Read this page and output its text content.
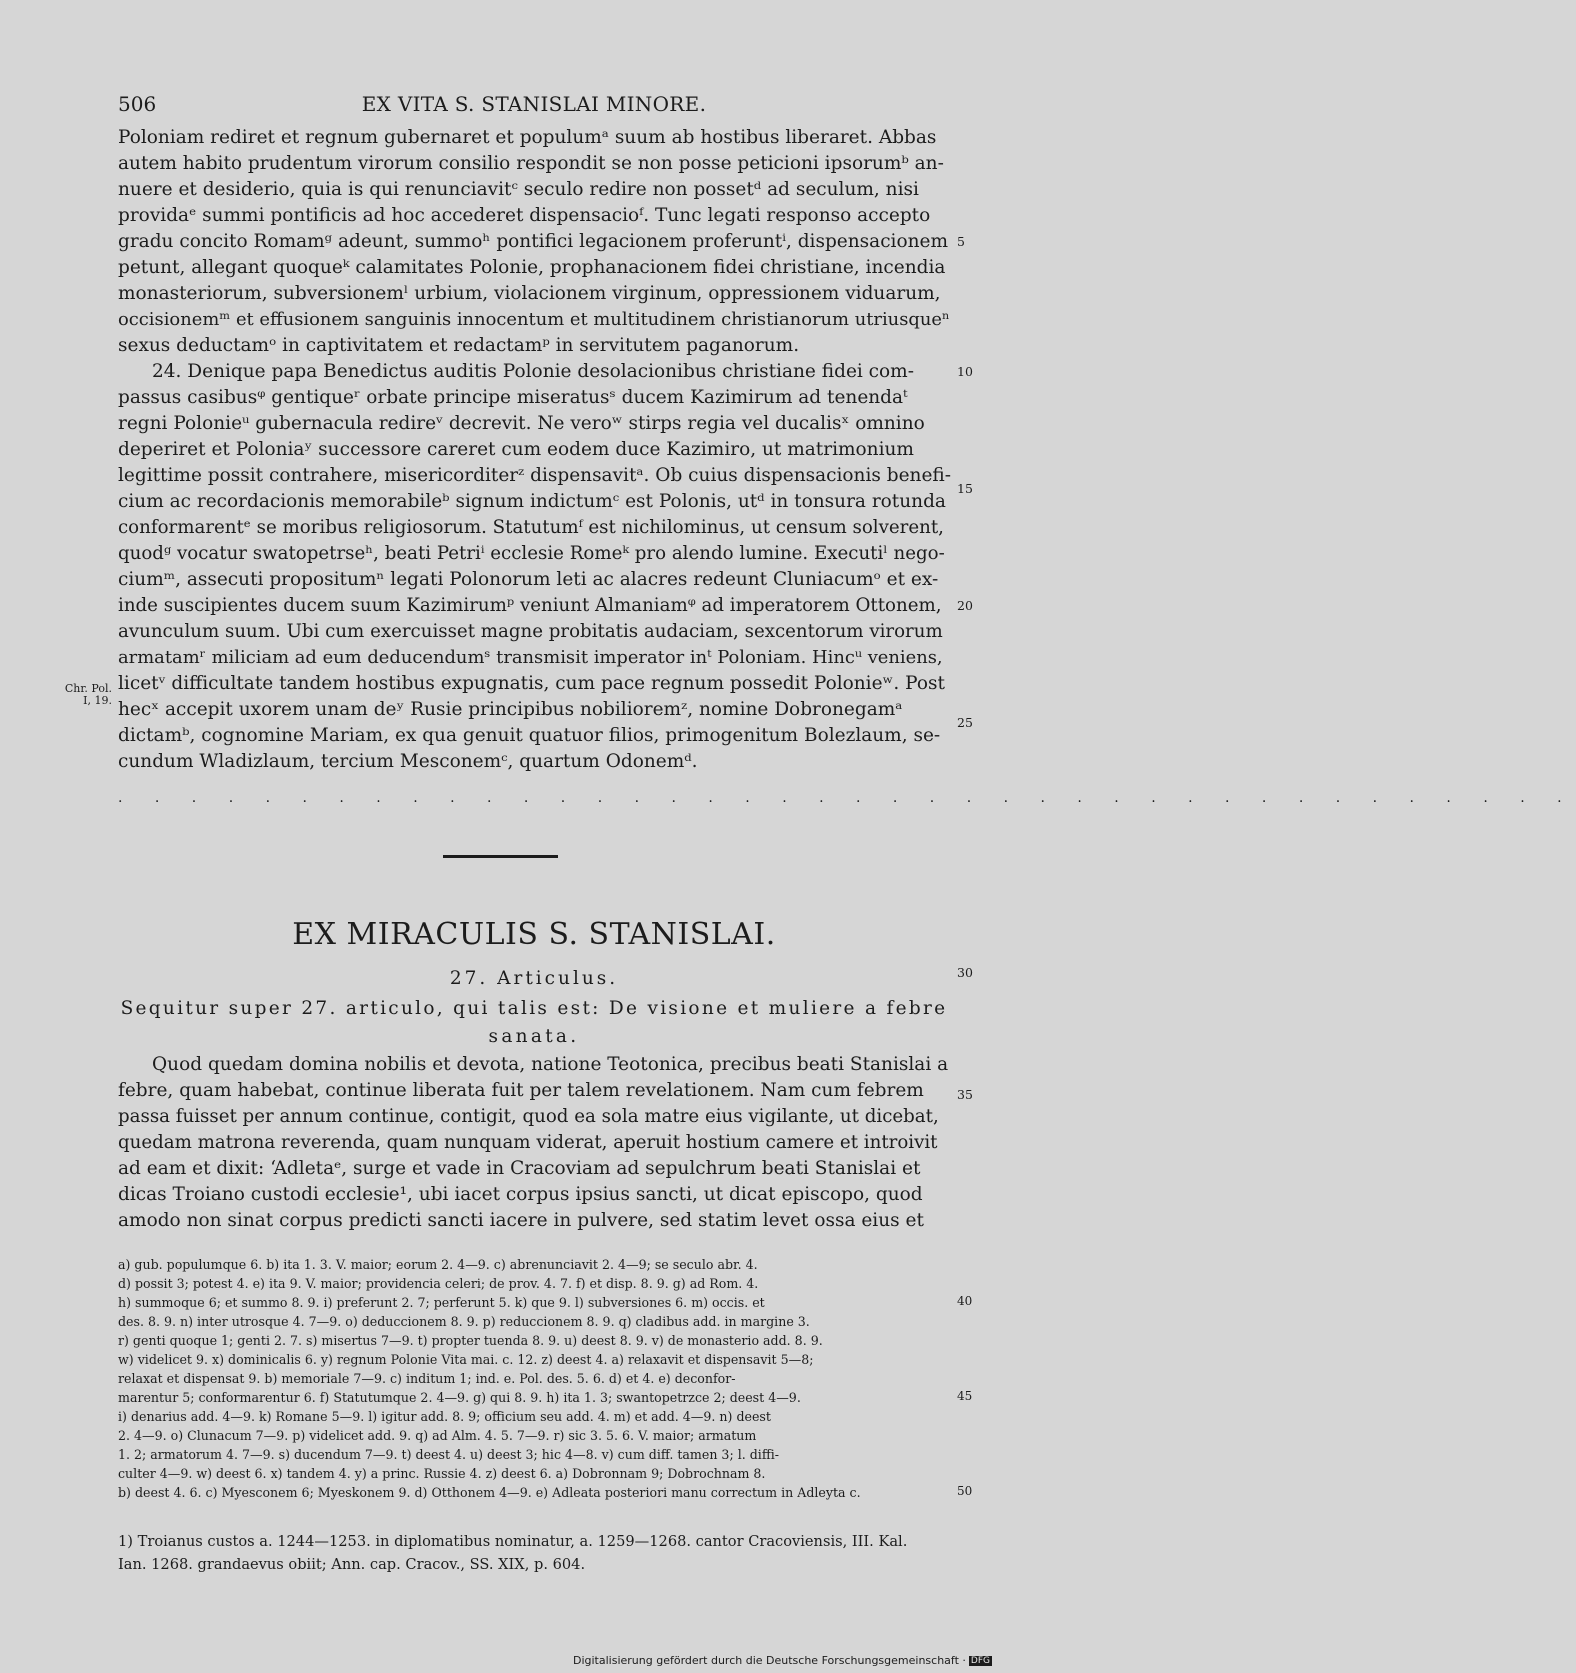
506	EX VITA S. STANISLAI MINORE.
Poloniam rediret et regnum gubernaret et populumᵃ suum ab hostibus liberaret. Abbas
autem habito prudentum virorum consilio respondit se non posse peticioni ipsorumᵇ an-
nuere et desiderio, quia is qui renunciavitᶜ seculo redire non possetᵈ ad seculum, nisi
providaᵉ summi pontificis ad hoc accederet dispensacioᶠ. Tunc legati responso accepto
gradu concito Romamᵍ adeunt, summoʰ pontifici legacionem proferuntⁱ, dispensacionem
petunt, allegant quoqueᵏ calamitates Polonie, prophanacionem fidei christiane, incendia
monasteriorum, subversionemˡ urbium, violacionem virginum, oppressionem viduarum,
occisionemᵐ et effusionem sanguinis innocentum et multitudinem christianorum utriusqueⁿ
sexus deductamᵒ in captivitatem et redactamᵖ in servitutem paganorum.
24. Denique papa Benedictus auditis Polonie desolacionibus christiane fidei com-
passus casibusᵠ gentiqueʳ orbate principe miseratusˢ ducem Kazimirum ad tenendaᵗ
regni Polonieᵘ gubernacula redireᵛ decrevit. Ne veroʷ stirps regia vel ducalisˣ omnino
deperiret et Poloniaʸ successore careret cum eodem duce Kazimiro, ut matrimonium
legittime possit contrahere, misericorditerᶻ dispensavitᵃ. Ob cuius dispensacionis benefi-
cium ac recordacionis memorabileᵇ signum indictumᶜ est Polonis, utᵈ in tonsura rotunda
conformarentᵉ se moribus religiosorum. Statutumᶠ est nichilominus, ut censum solverent,
quodᵍ vocatur swatopetrseʰ, beati Petriⁱ ecclesie Romeᵏ pro alendo lumine. Executiˡ nego-
ciumᵐ, assecuti propositumⁿ legati Polonorum leti ac alacres redeunt Cluniacumᵒ et ex-
inde suscipientes ducem suum Kazimirumᵖ veniunt Almaniamᵠ ad imperatorem Ottonem,
avunculum suum. Ubi cum exercuisset magne probitatis audaciam, sexcentorum virorum
armatamʳ miliciam ad eum deducendumˢ transmisit imperator inᵗ Poloniam. Hincᵘ veniens,
licetᵛ difficultate tandem hostibus expugnatis, cum pace regnum possedit Polonieʷ. Post
hecˣ accepit uxorem unam deʸ Rusie principibus nobilioremᶻ, nomine Dobronegamᵃ
dictamᵇ, cognomine Mariam, ex qua genuit quatuor filios, primogenitum Bolezlaum, se-
cundum Wladizlaum, tercium Mesconemᶜ, quartum Odonemᵈ.
Chr. Pol.
I, 19.
. . . . . . . . . . . . . . . . . . . . . . . . . . . . . . . . . . . . . . . .
EX MIRACULIS S. STANISLAI.
27. Articulus.
Sequitur super 27. articulo, qui talis est: De visione et muliere a febre
sanata.
Quod quedam domina nobilis et devota, natione Teotonica, precibus beati Stanislai a
febre, quam habebat, continue liberata fuit per talem revelationem. Nam cum febrem
passa fuisset per annum continue, contigit, quod ea sola matre eius vigilante, ut dicebat,
quedam matrona reverenda, quam nunquam viderat, aperuit hostium camere et introivit
ad eam et dixit: ‘Adletaᵉ, surge et vade in Cracoviam ad sepulchrum beati Stanislai et
dicas Troiano custodi ecclesie¹, ubi iacet corpus ipsius sancti, ut dicat episcopo, quod
amodo non sinat corpus predicti sancti iacere in pulvere, sed statim levet ossa eius et
a) gub. populumque 6. b) ita 1. 3. V. maior; eorum 2. 4—9. c) abrenunciavit 2. 4—9; se seculo abr. 4.
d) possit 3; potest 4. e) ita 9. V. maior; providencia celeri; de prov. 4. 7. f) et disp. 8. 9. g) ad Rom. 4.
h) summoque 6; et summo 8. 9. i) preferunt 2. 7; perferunt 5. k) que 9. l) subversiones 6. m) occis. et
des. 8. 9. n) inter utrosque 4. 7—9. o) deduccionem 8. 9. p) reduccionem 8. 9. q) cladibus add. in margine 3.
r) genti quoque 1; genti 2. 7. s) misertus 7—9. t) propter tuenda 8. 9. u) deest 8. 9. v) de monasterio add. 8. 9.
w) videlicet 9. x) dominicalis 6. y) regnum Polonie Vita mai. c. 12. z) deest 4. a) relaxavit et dispensavit 5—8;
relaxat et dispensat 9. b) memoriale 7—9. c) inditum 1; ind. e. Pol. des. 5. 6. d) et 4. e) deconfor-
marentur 5; conformarentur 6. f) Statutumque 2. 4—9. g) qui 8. 9. h) ita 1. 3; swantopetrzce 2; deest 4—9.
i) denarius add. 4—9. k) Romane 5—9. l) igitur add. 8. 9; officium seu add. 4. m) et add. 4—9. n) deest
2. 4—9. o) Clunacum 7—9. p) videlicet add. 9. q) ad Alm. 4. 5. 7—9. r) sic 3. 5. 6. V. maior; armatum
1. 2; armatorum 4. 7—9. s) ducendum 7—9. t) deest 4. u) deest 3; hic 4—8. v) cum diff. tamen 3; l. diffi-
culter 4—9. w) deest 6. x) tandem 4. y) a princ. Russie 4. z) deest 6. a) Dobronnam 9; Dobrochnam 8.
b) deest 4. 6. c) Myesconem 6; Myeskonem 9. d) Otthonem 4—9. e) Adleata posteriori manu correctum in Adleyta c.
1) Troianus custos a. 1244—1253. in diplomatibus nominatur, a. 1259—1268. cantor Cracoviensis, III. Kal.
Ian. 1268. grandaevus obiit; Ann. cap. Cracov., SS. XIX, p. 604.
5
10
15
20
25
30
35
40
45
50
Digitalisierung gefördert durch die Deutsche Forschungsgemeinschaft · DFG
